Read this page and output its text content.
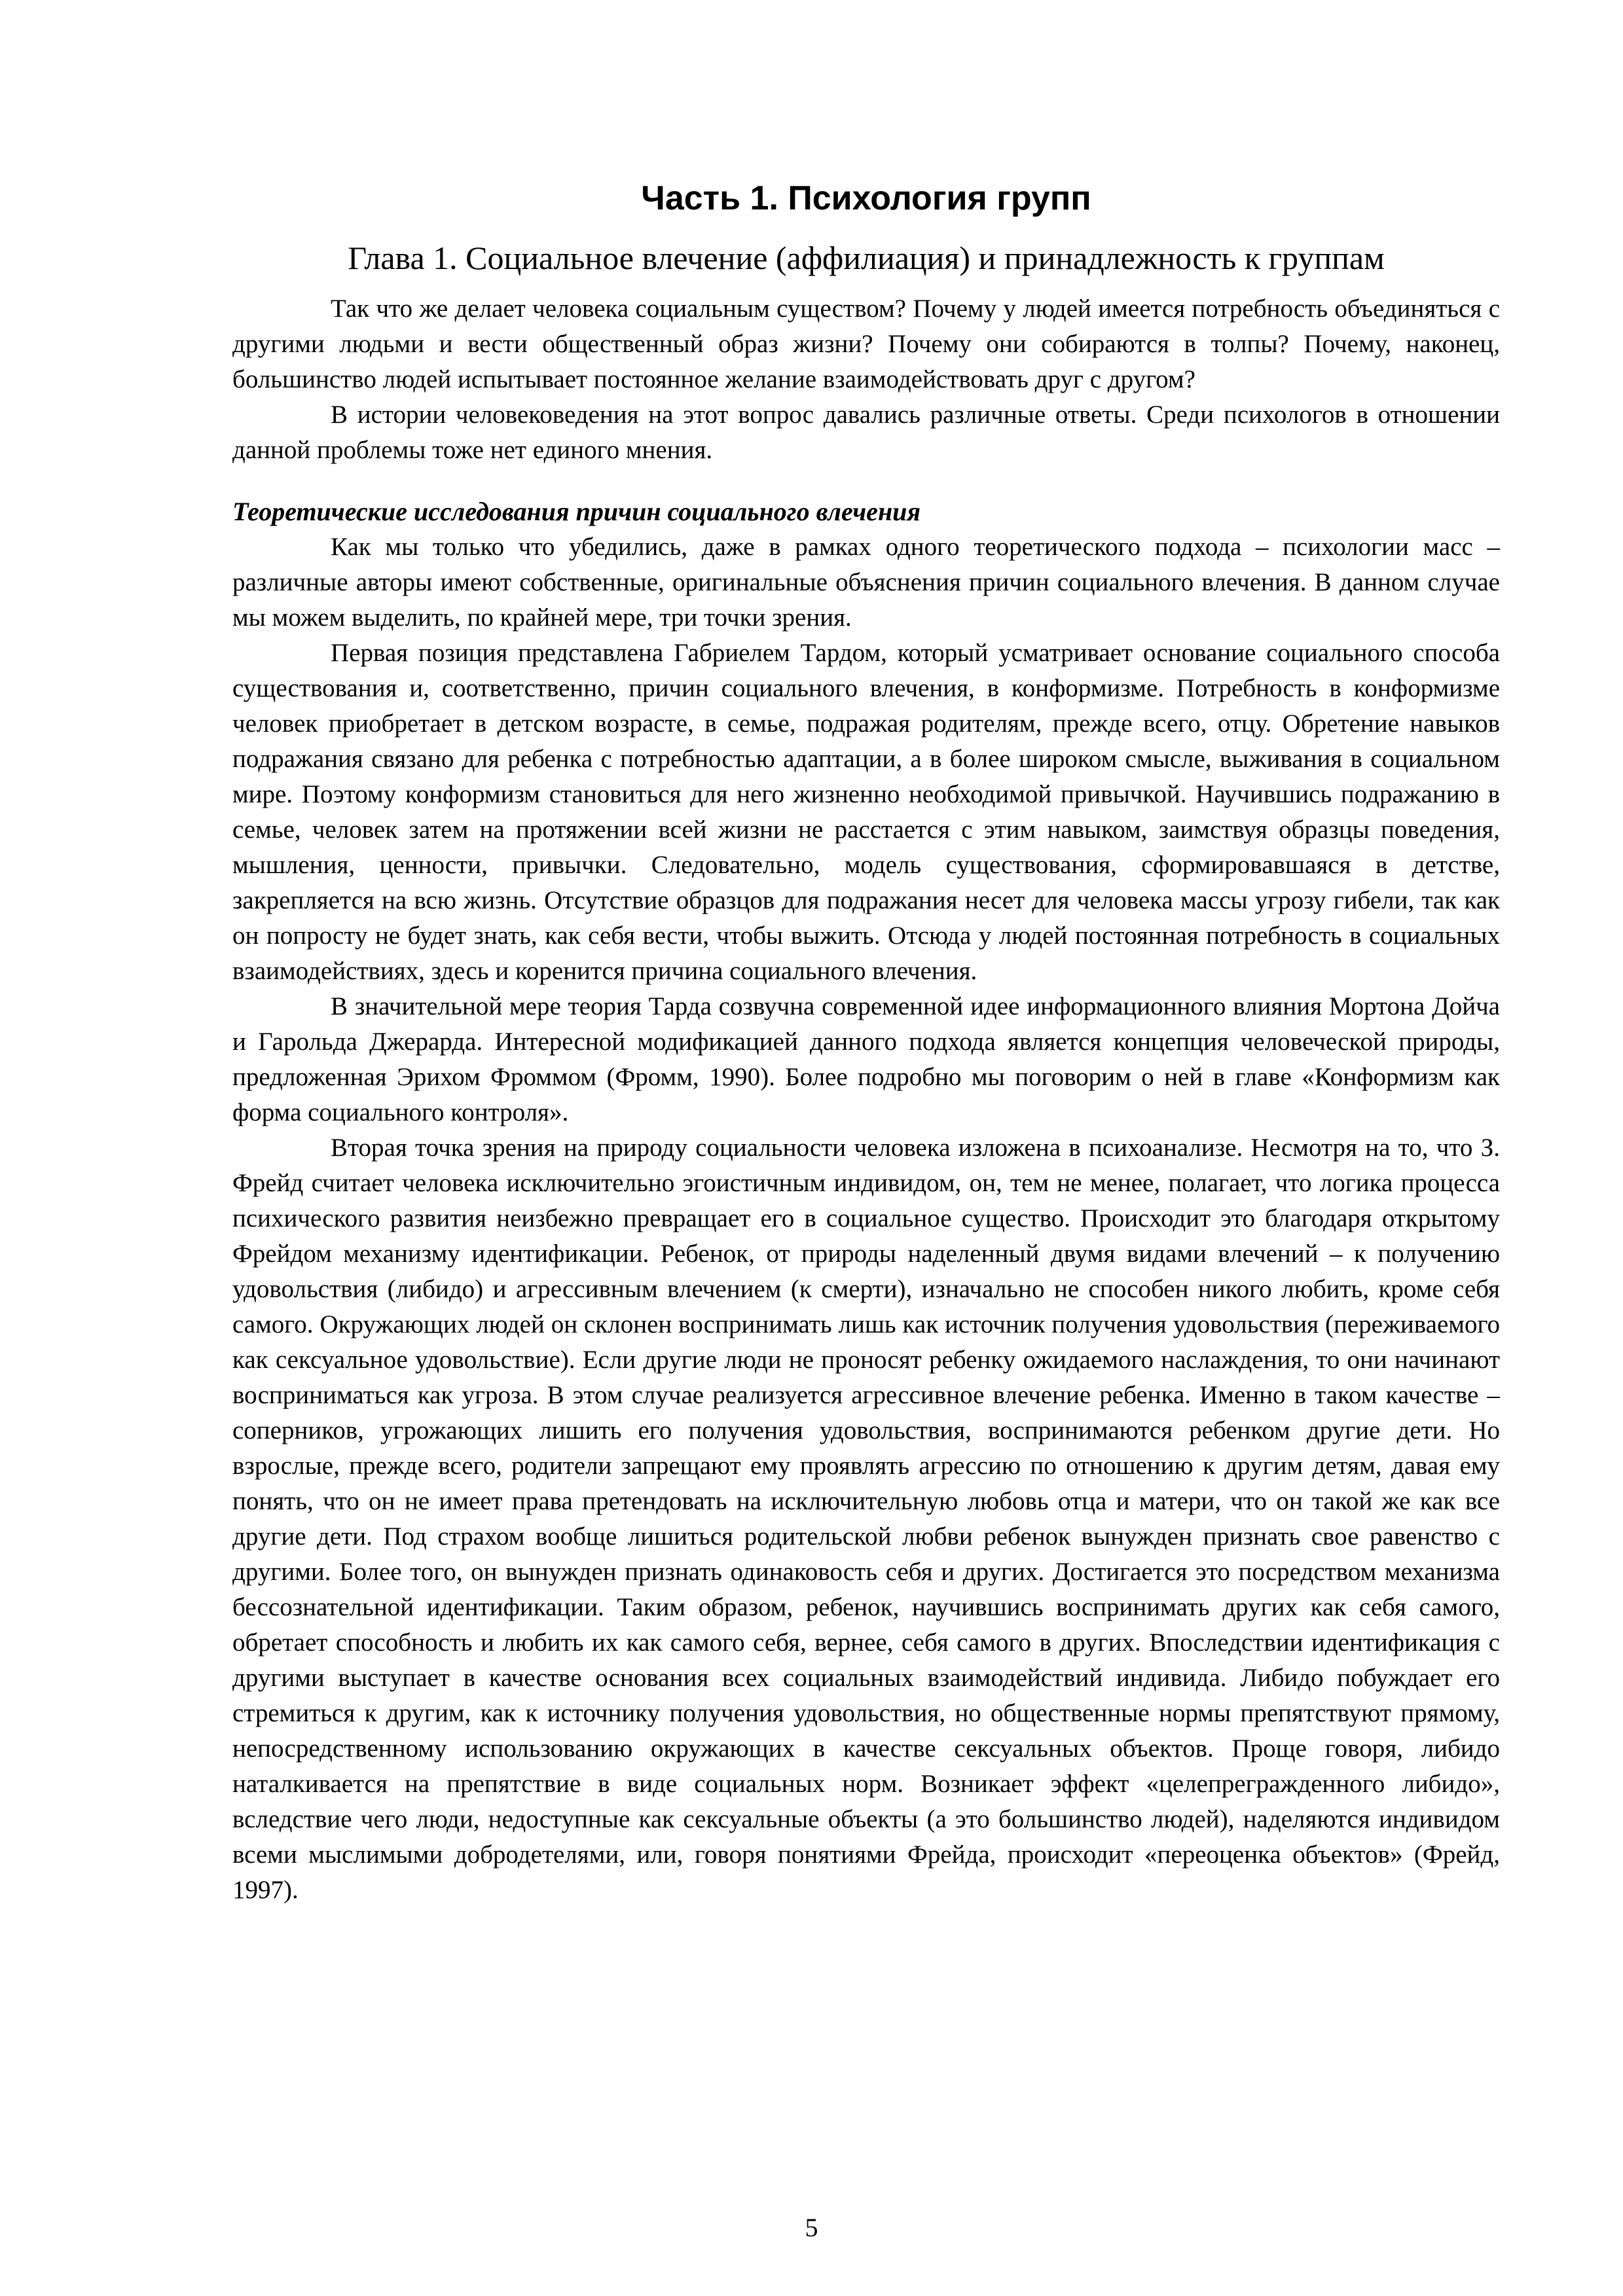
Часть 1. Психология групп
Глава 1. Социальное влечение (аффилиация) и принадлежность к группам

Так что же делает человека социальным существом? Почему у людей имеется потребность объединяться с другими людьми и вести общественный образ жизни? Почему они собираются в толпы? Почему, наконец, большинство людей испытывает постоянное желание взаимодействовать друг с другом?

В истории человековедения на этот вопрос давались различные ответы. Среди психологов в отношении данной проблемы тоже нет единого мнения.

Теоретические исследования причин социального влечения

Как мы только что убедились, даже в рамках одного теоретического подхода – психологии масс – различные авторы имеют собственные, оригинальные объяснения причин социального влечения. В данном случае мы можем выделить, по крайней мере, три точки зрения.

Первая позиция представлена Габриелем Тардом, который усматривает основание социального способа существования и, соответственно, причин социального влечения, в конформизме. Потребность в конформизме человек приобретает в детском возрасте, в семье, подражая родителям, прежде всего, отцу. Обретение навыков подражания связано для ребенка с потребностью адаптации, а в более широком смысле, выживания в социальном мире. Поэтому конформизм становиться для него жизненно необходимой привычкой. Научившись подражанию в семье, человек затем на протяжении всей жизни не расстается с этим навыком, заимствуя образцы поведения, мышления, ценности, привычки. Следовательно, модель существования, сформировавшаяся в детстве, закрепляется на всю жизнь. Отсутствие образцов для подражания несет для человека массы угрозу гибели, так как он попросту не будет знать, как себя вести, чтобы выжить. Отсюда у людей постоянная потребность в социальных взаимодействиях, здесь и коренится причина социального влечения.

В значительной мере теория Тарда созвучна современной идее информационного влияния Мортона Дойча и Гарольда Джерарда. Интересной модификацией данного подхода является концепция человеческой природы, предложенная Эрихом Фроммом (Фромм, 1990). Более подробно мы поговорим о ней в главе «Конформизм как форма социального контроля».

Вторая точка зрения на природу социальности человека изложена в психоанализе. Несмотря на то, что З. Фрейд считает человека исключительно эгоистичным индивидом, он, тем не менее, полагает, что логика процесса психического развития неизбежно превращает его в социальное существо. Происходит это благодаря открытому Фрейдом механизму идентификации. Ребенок, от природы наделенный двумя видами влечений – к получению удовольствия (либидо) и агрессивным влечением (к смерти), изначально не способен никого любить, кроме себя самого. Окружающих людей он склонен воспринимать лишь как источник получения удовольствия (переживаемого как сексуальное удовольствие). Если другие люди не проносят ребенку ожидаемого наслаждения, то они начинают восприниматься как угроза. В этом случае реализуется агрессивное влечение ребенка. Именно в таком качестве – соперников, угрожающих лишить его получения удовольствия, воспринимаются ребенком другие дети. Но взрослые, прежде всего, родители запрещают ему проявлять агрессию по отношению к другим детям, давая ему понять, что он не имеет права претендовать на исключительную любовь отца и матери, что он такой же как все другие дети. Под страхом вообще лишиться родительской любви ребенок вынужден признать свое равенство с другими. Более того, он вынужден признать одинаковость себя и других. Достигается это посредством механизма бессознательной идентификации. Таким образом, ребенок, научившись воспринимать других как себя самого, обретает способность и любить их как самого себя, вернее, себя самого в других. Впоследствии идентификация с другими выступает в качестве основания всех социальных взаимодействий индивида. Либидо побуждает его стремиться к другим, как к источнику получения удовольствия, но общественные нормы препятствуют прямому, непосредственному использованию окружающих в качестве сексуальных объектов. Проще говоря, либидо наталкивается на препятствие в виде социальных норм. Возникает эффект «целепрегражденного либидо», вследствие чего люди, недоступные как сексуальные объекты (а это большинство людей), наделяются индивидом всеми мыслимыми добродетелями, или, говоря понятиями Фрейда, происходит «переоценка объектов» (Фрейд, 1997).

5
